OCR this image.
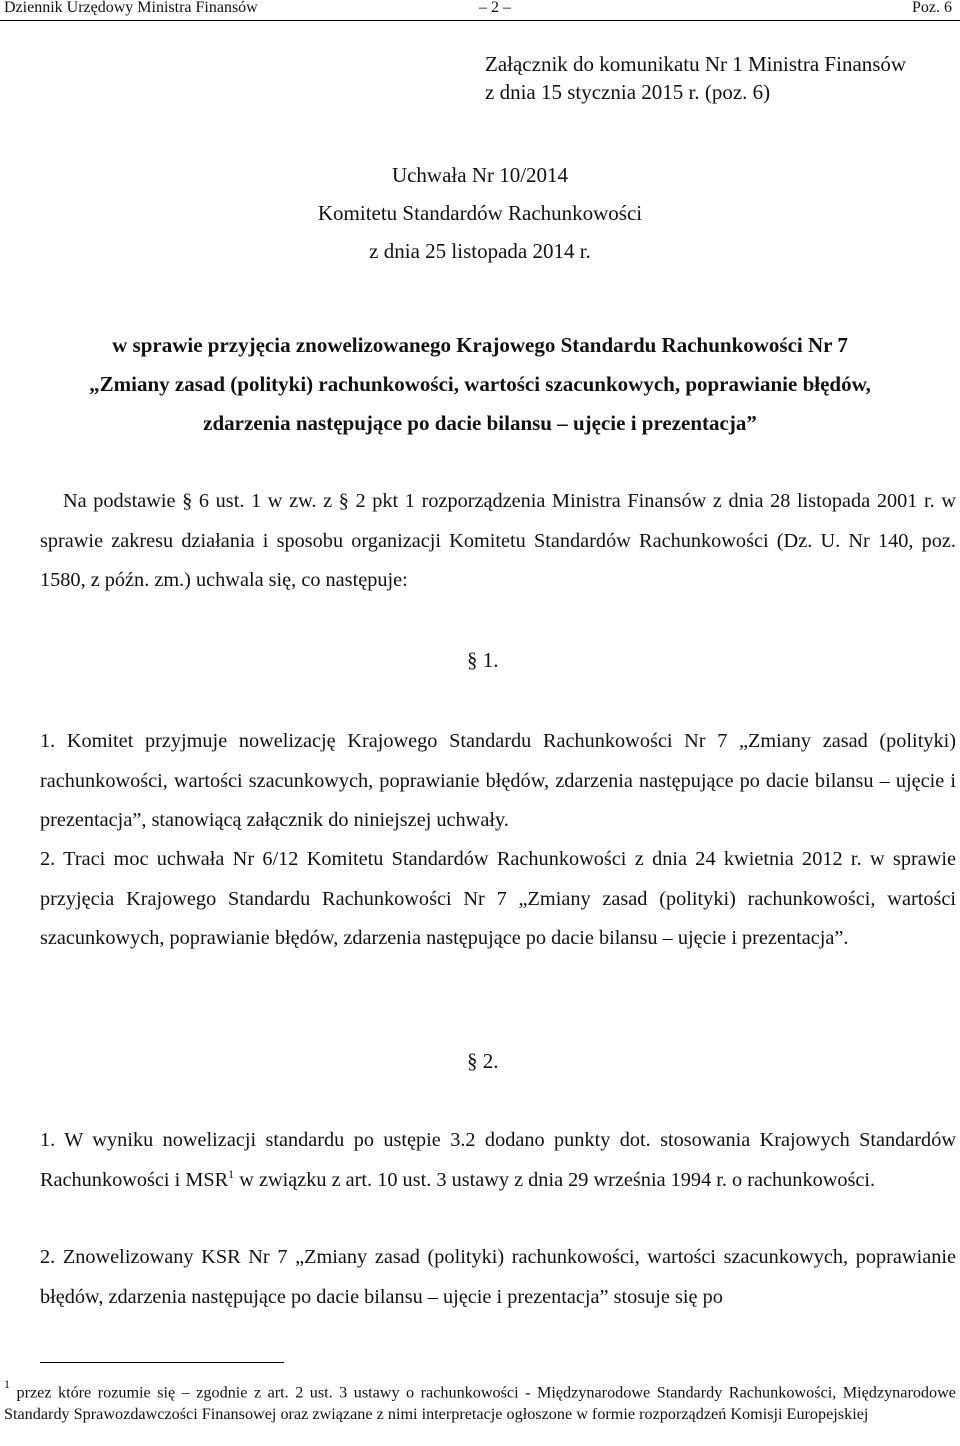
Dziennik Urzędowy Ministra Finansów	– 2 –	Poz. 6
Załącznik do komunikatu Nr 1 Ministra Finansów
z dnia 15 stycznia 2015 r. (poz. 6)
Uchwała Nr 10/2014
Komitetu Standardów Rachunkowości
z dnia 25 listopada 2014 r.
w sprawie przyjęcia znowelizowanego Krajowego Standardu Rachunkowości Nr 7
„Zmiany zasad (polityki) rachunkowości, wartości szacunkowych, poprawianie błędów,
zdarzenia następujące po dacie bilansu – ujęcie i prezentacja”
Na podstawie § 6 ust. 1 w zw. z § 2 pkt 1 rozporządzenia Ministra Finansów z dnia 28 listopada 2001 r. w sprawie zakresu działania i sposobu organizacji Komitetu Standardów Rachunkowości (Dz. U. Nr 140, poz. 1580, z późn. zm.) uchwala się, co następuje:
§ 1.
1. Komitet przyjmuje nowelizację Krajowego Standardu Rachunkowości Nr 7 „Zmiany zasad (polityki) rachunkowości, wartości szacunkowych, poprawianie błędów, zdarzenia następujące po dacie bilansu – ujęcie i prezentacja”, stanowiącą załącznik do niniejszej uchwały.
2. Traci moc uchwała Nr 6/12 Komitetu Standardów Rachunkowości z dnia 24 kwietnia 2012 r. w sprawie przyjęcia Krajowego Standardu Rachunkowości Nr 7 „Zmiany zasad (polityki) rachunkowości, wartości szacunkowych, poprawianie błędów, zdarzenia następujące po dacie bilansu – ujęcie i prezentacja”.
§ 2.
1. W wyniku nowelizacji standardu po ustępie 3.2 dodano punkty dot. stosowania Krajowych Standardów Rachunkowości i MSR$^1$ w związku z art. 10 ust. 3 ustawy z dnia 29 września 1994 r. o rachunkowości.
2. Znowelizowany KSR Nr 7 „Zmiany zasad (polityki) rachunkowości, wartości szacunkowych, poprawianie błędów, zdarzenia następujące po dacie bilansu – ujęcie i prezentacja” stosuje się po
$^1$ przez które rozumie się – zgodnie z art. 2 ust. 3 ustawy o rachunkowości - Międzynarodowe Standardy Rachunkowości, Międzynarodowe Standardy Sprawozdawczości Finansowej oraz związane z nimi interpretacje ogłoszone w formie rozporządzeń Komisji Europejskiej
